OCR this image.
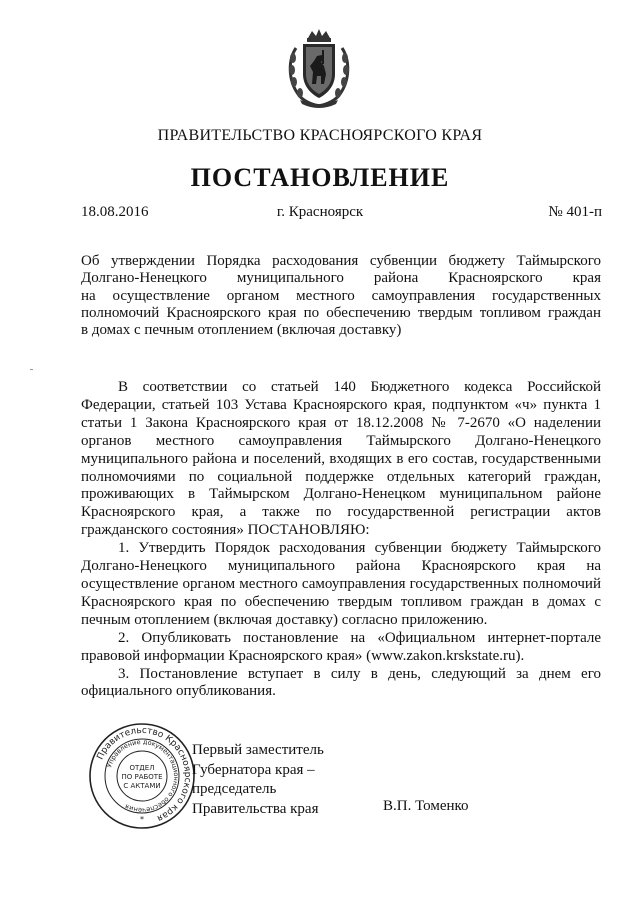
ПРАВИТЕЛЬСТВО КРАСНОЯРСКОГО КРАЯ
ПОСТАНОВЛЕНИЕ
18.08.2016	г. Красноярск	№ 401-п
Об утверждении Порядка расходования субвенции бюджету Таймырского
Долгано-Ненецкого муниципального района Красноярского края
на осуществление органом местного самоуправления государственных
полномочий Красноярского края по обеспечению твердым топливом граждан
в домах с печным отоплением (включая доставку)
В соответствии со статьей 140 Бюджетного кодекса Российской Федерации, статьей 103 Устава Красноярского края, подпунктом «ч» пункта 1 статьи 1 Закона Красноярского края от 18.12.2008 № 7-2670 «О наделении органов местного самоуправления Таймырского Долгано-Ненецкого муниципального района и поселений, входящих в его состав, государственными полномочиями по социальной поддержке отдельных категорий граждан, проживающих в Таймырском Долгано-Ненецком муниципальном районе Красноярского края, а также по государственной регистрации актов гражданского состояния» ПОСТАНОВЛЯЮ:
1. Утвердить Порядок расходования субвенции бюджету Таймырского Долгано-Ненецкого муниципального района Красноярского края на осуществление органом местного самоуправления государственных полномочий Красноярского края по обеспечению твердым топливом граждан в домах с печным отоплением (включая доставку) согласно приложению.
2. Опубликовать постановление на «Официальном интернет-портале правовой информации Красноярского края» (www.zakon.krskstate.ru).
3. Постановление вступает в силу в день, следующий за днем его официального опубликования.
Правительство Красноярского края
Управление документационного обеспечения
ОТДЕЛ
ПО РАБОТЕ
С АКТАМИ
*
Первый заместитель
Губернатора края –
председатель
Правительства края	В.П. Томенко
